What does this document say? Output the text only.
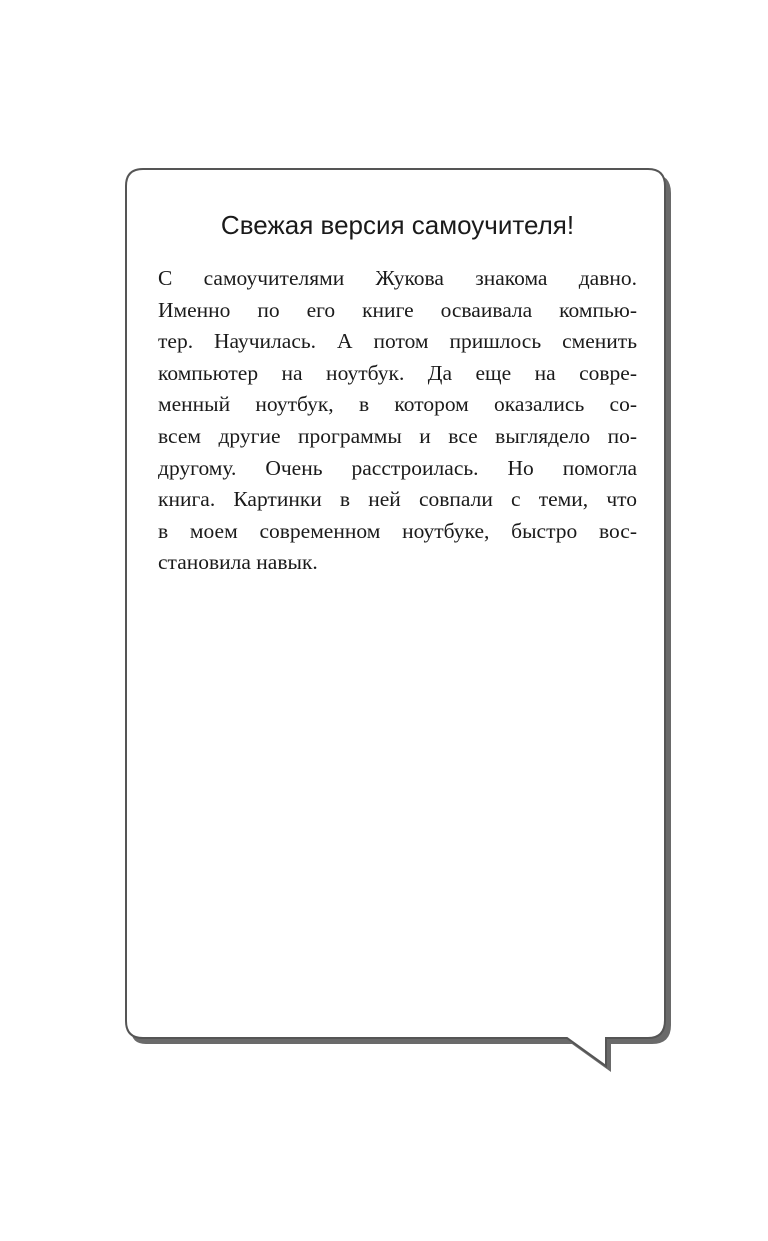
Свежая версия самоучителя!
С самоучителями Жукова знакома давно.
Именно по его книге осваивала компью-
тер. Научилась. А потом пришлось сменить
компьютер на ноутбук. Да еще на совре-
менный ноутбук, в котором оказались со-
всем другие программы и все выглядело по-
другому. Очень расстроилась. Но помогла
книга. Картинки в ней совпали с теми, что
в моем современном ноутбуке, быстро вос-
становила навык.
